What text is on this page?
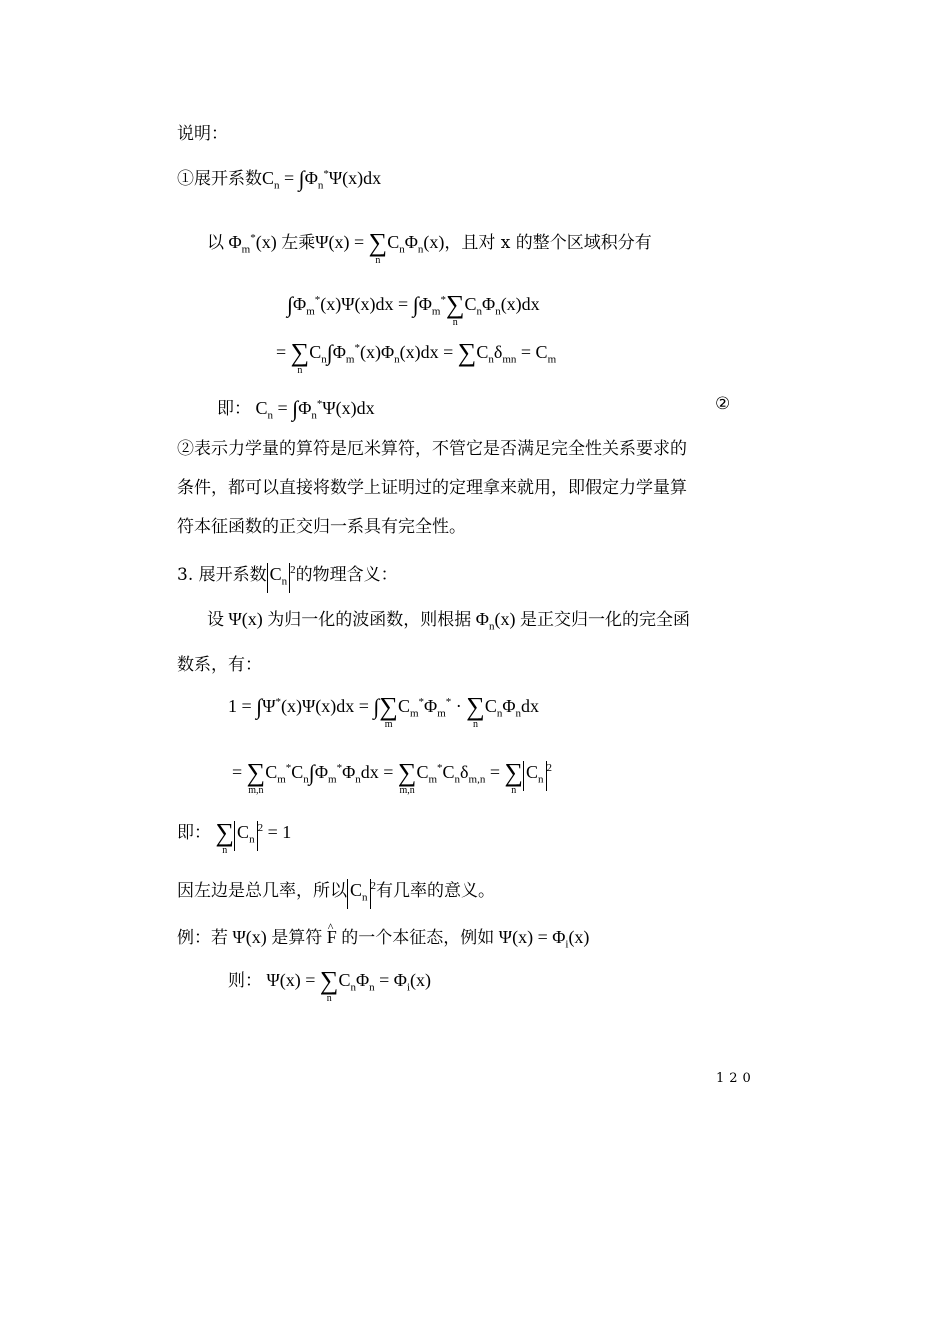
说明：
①展开系数$C_n = \int\Phi_n^*\Psi(x)dx$
以 $\Phi_m^*(x)$ 左乘Ψ(x) = ∑
n
$C_n\Phi_n(x)$，且对 x 的整个区域积分有
$\int\Phi_m^*(x)\Psi(x)dx = \int\Phi_m^*\sum$
n
$C_n\Phi_n(x)dx$
= ∑
n
$C_n\int\Phi_m^*(x)\Phi_n(x)dx = \sum C_n\delta_{mn} = C_m$
即： $C_n = \int\Phi_n^*\Psi(x)dx$	②
②表示力学量的算符是厄米算符，不管它是否满足完全性关系要求的
条件，都可以直接将数学上证明过的定理拿来就用，即假定力学量算
符本征函数的正交归一系具有完全性。
3. 展开系数 $C_n^2$的物理含义：
设 Ψ(x) 为归一化的波函数，则根据 $\Phi_n(x)$ 是正交归一化的完全函
数系，有：
1 = ∫Ψ*(x)Ψ(x)dx = ∫∑
m
$C_m^*\Phi_m^*$ · ∑
n
$C_n\Phi_ndx$
= ∑
m,n
$C_m^*C_n\int\Phi_m^*\Phi_ndx$ = ∑
m,n
$C_m^*C_n\delta_{m,n}$ = ∑
n
$C_n^2$
即： ∑
n
$C_n^2 = 1$
因左边是总几率，所以 $C_n^2$有几率的意义。
例：若 Ψ(x) 是算符 ^ F 的一个本征态，例如 $\Psi(x) = \Phi_i(x)$
则： Ψ(x) = ∑
n
$C_n\Phi_n = \Phi_i(x)$
120
